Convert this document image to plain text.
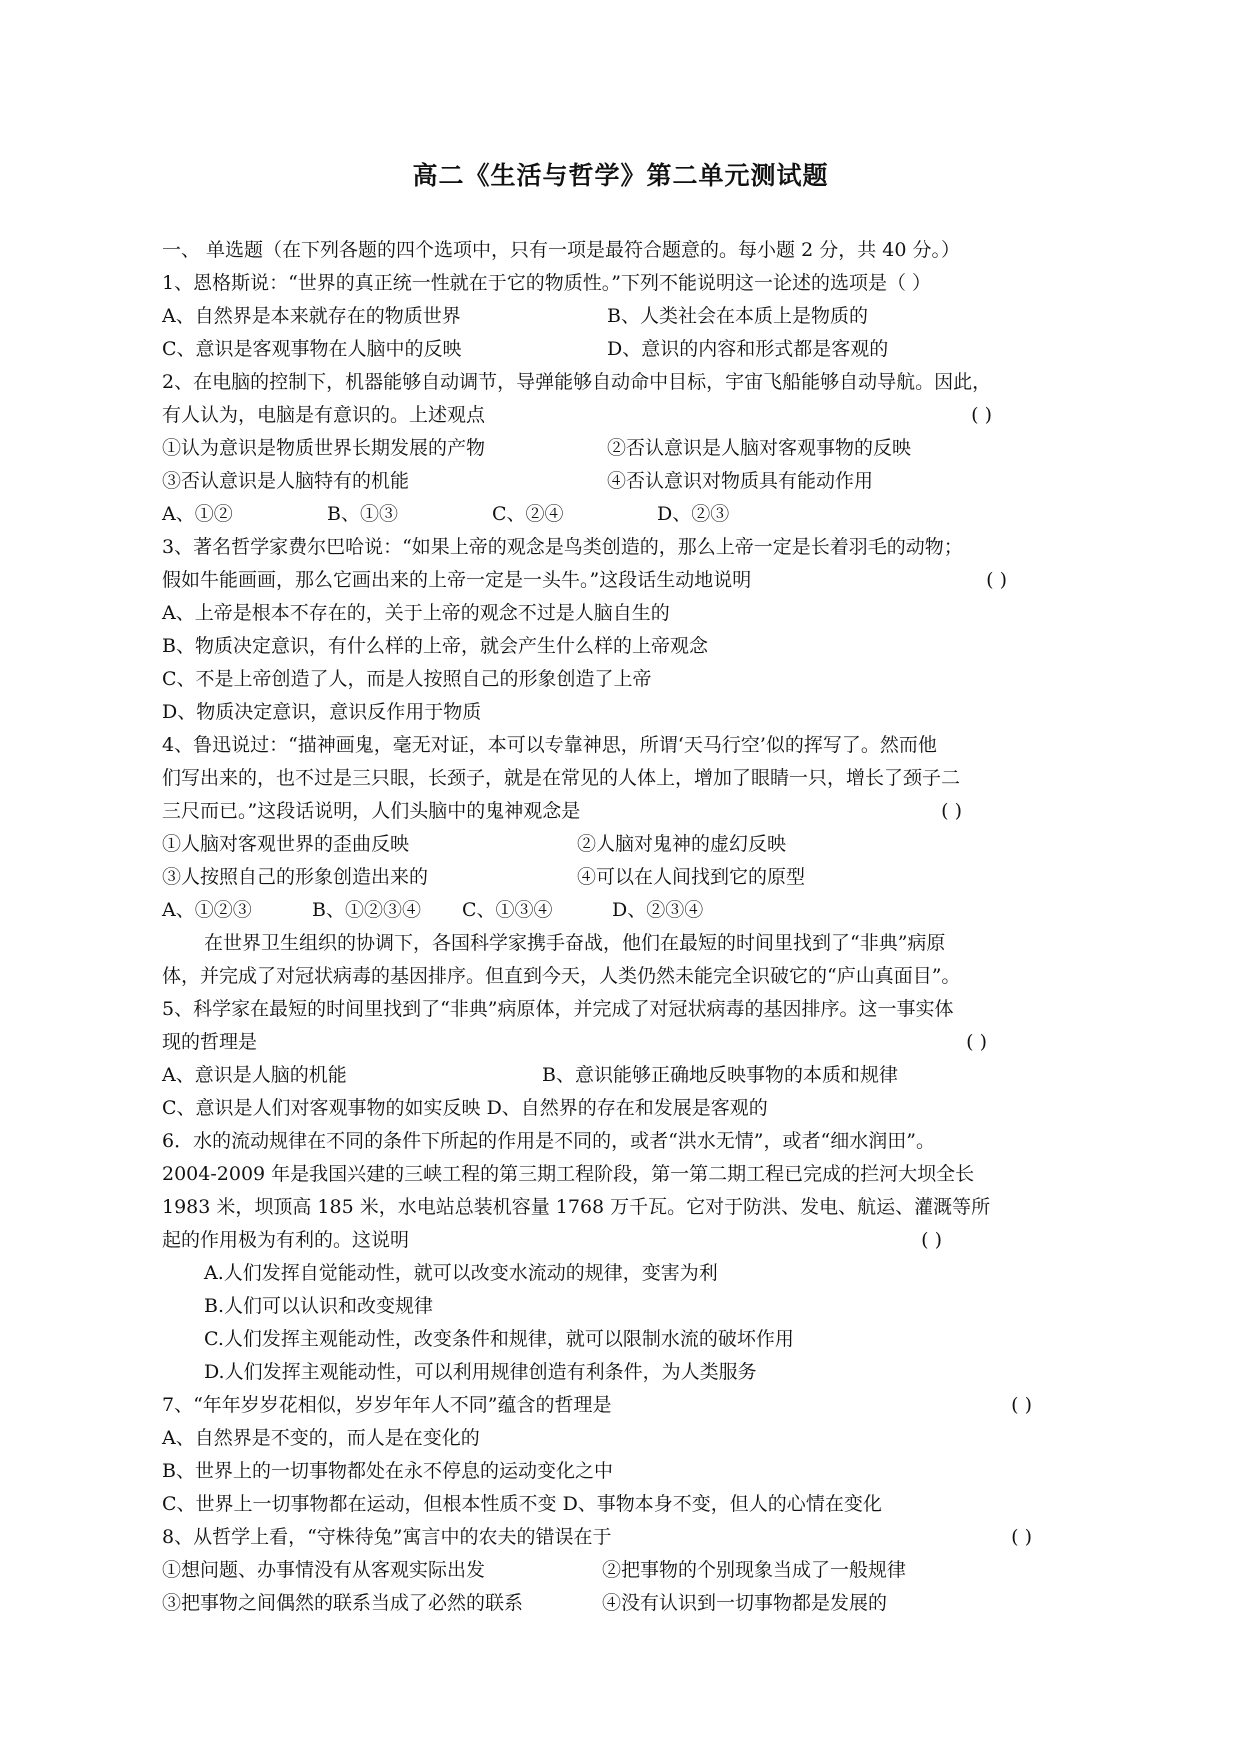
高二《生活与哲学》第二单元测试题
一、 单选题（在下列各题的四个选项中，只有一项是最符合题意的。每小题 2 分，共 40 分。）
1、恩格斯说：“世界的真正统一性就在于它的物质性。”下列不能说明这一论述的选项是（ ）
A、自然界是本来就存在的物质世界	B、人类社会在本质上是物质的
C、意识是客观事物在人脑中的反映	D、意识的内容和形式都是客观的
2、在电脑的控制下，机器能够自动调节，导弹能够自动命中目标，宇宙飞船能够自动导航。因此，
有人认为，电脑是有意识的。上述观点	( )
①认为意识是物质世界长期发展的产物	②否认意识是人脑对客观事物的反映
③否认意识是人脑特有的机能	④否认意识对物质具有能动作用
A、①②	B、①③	C、②④	D、②③
3、著名哲学家费尔巴哈说：“如果上帝的观念是鸟类创造的，那么上帝一定是长着羽毛的动物；
假如牛能画画，那么它画出来的上帝一定是一头牛。”这段话生动地说明	( )
A、上帝是根本不存在的，关于上帝的观念不过是人脑自生的
B、物质决定意识，有什么样的上帝，就会产生什么样的上帝观念
C、不是上帝创造了人，而是人按照自己的形象创造了上帝
D、物质决定意识，意识反作用于物质
4、鲁迅说过：“描神画鬼，毫无对证，本可以专靠神思，所谓‘天马行空’似的挥写了。然而他
们写出来的，也不过是三只眼，长颈子，就是在常见的人体上，增加了眼睛一只，增长了颈子二
三尺而已。”这段话说明，人们头脑中的鬼神观念是	( )
①人脑对客观世界的歪曲反映	②人脑对鬼神的虚幻反映
③人按照自己的形象创造出来的	④可以在人间找到它的原型
A、①②③	B、①②③④ C、①③④	D、②③④
在世界卫生组织的协调下，各国科学家携手奋战，他们在最短的时间里找到了“非典”病原
体，并完成了对冠状病毒的基因排序。但直到今天，人类仍然未能完全识破它的“庐山真面目”。
5、科学家在最短的时间里找到了“非典”病原体，并完成了对冠状病毒的基因排序。这一事实体
现的哲理是	( )
A、意识是人脑的机能	B、意识能够正确地反映事物的本质和规律
C、意识是人们对客观事物的如实反映 D、自然界的存在和发展是客观的
6．水的流动规律在不同的条件下所起的作用是不同的，或者“洪水无情”，或者“细水润田”。
2004-2009 年是我国兴建的三峡工程的第三期工程阶段，第一第二期工程已完成的拦河大坝全长
1983 米，坝顶高 185 米，水电站总装机容量 1768 万千瓦。它对于防洪、发电、航运、灌溉等所
起的作用极为有利的。这说明	( )
A.人们发挥自觉能动性，就可以改变水流动的规律，变害为利
B.人们可以认识和改变规律
C.人们发挥主观能动性，改变条件和规律，就可以限制水流的破坏作用
D.人们发挥主观能动性，可以利用规律创造有利条件，为人类服务
7、“年年岁岁花相似，岁岁年年人不同”蕴含的哲理是	( )
A、自然界是不变的，而人是在变化的
B、世界上的一切事物都处在永不停息的运动变化之中
C、世界上一切事物都在运动，但根本性质不变 D、事物本身不变，但人的心情在变化
8、从哲学上看，“守株待兔”寓言中的农夫的错误在于	( )
①想问题、办事情没有从客观实际出发	②把事物的个别现象当成了一般规律
③把事物之间偶然的联系当成了必然的联系	④没有认识到一切事物都是发展的
